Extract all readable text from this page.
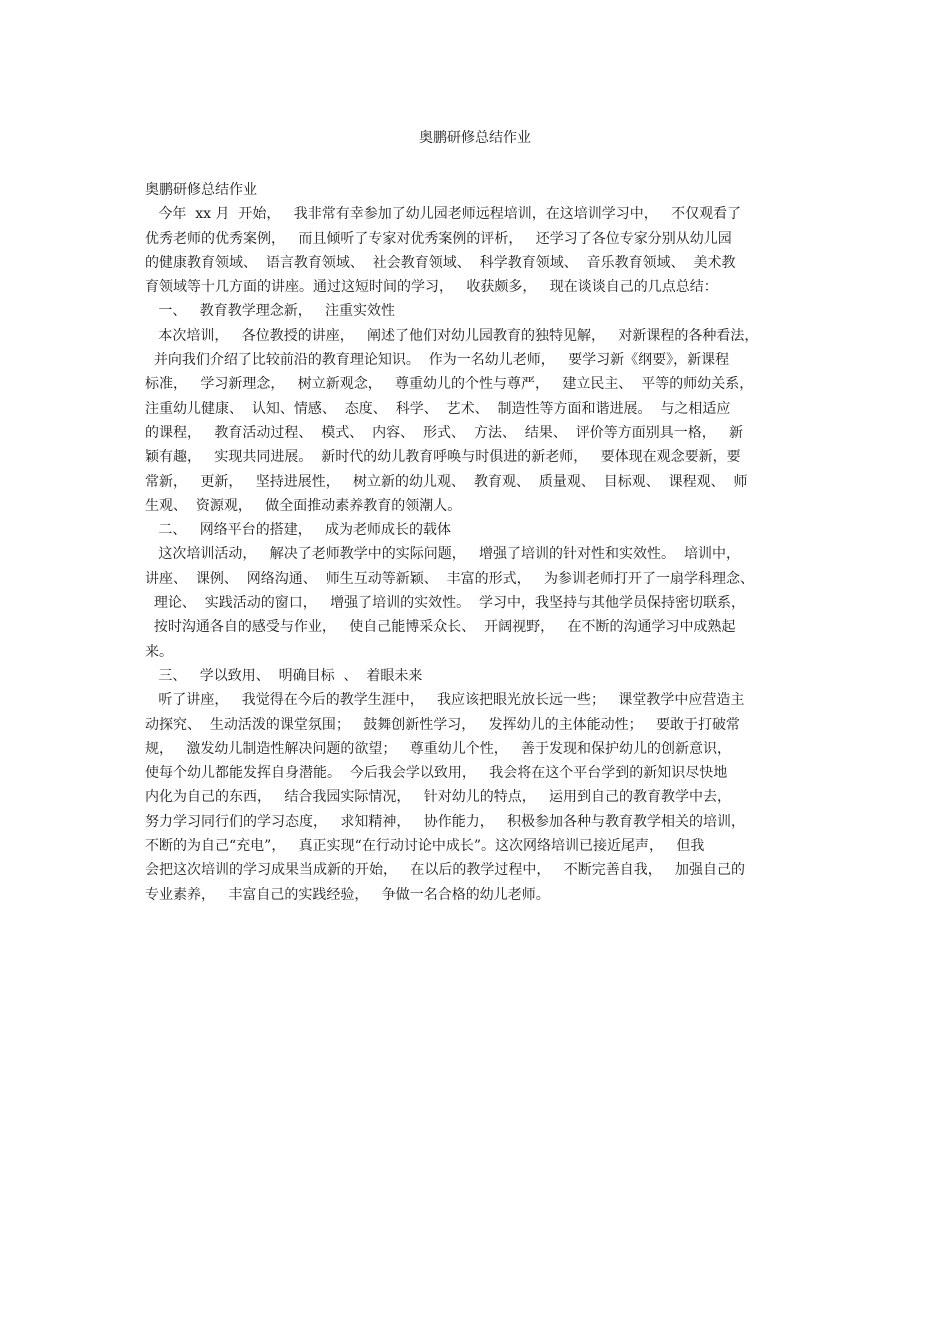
奥鹏研修总结作业
奥鹏研修总结作业
今年  xx 月  开始，   我非常有幸参加了幼儿园老师远程培训，在这培训学习中，   不仅观看了
优秀老师的优秀案例，   而且倾听了专家对优秀案例的评析，   还学习了各位专家分别从幼儿园
的健康教育领域、  语言教育领域、  社会教育领域、  科学教育领域、  音乐教育领域、  美术教
育领域等十几方面的讲座。通过这短时间的学习，   收获颇多，   现在谈谈自己的几点总结：
一、   教育教学理念新，   注重实效性
本次培训，   各位教授的讲座，   阐述了他们对幼儿园教育的独特见解，   对新课程的各种看法，
并向我们介绍了比较前沿的教育理论知识。  作为一名幼儿老师，   要学习新《纲要》，新课程
标准，   学习新理念，   树立新观念，   尊重幼儿的个性与尊严，   建立民主、  平等的师幼关系，
注重幼儿健康、  认知、情感、  态度、  科学、  艺术、  制造性等方面和谐进展。  与之相适应
的课程，   教育活动过程、  模式、  内容、  形式、  方法、  结果、  评价等方面别具一格，   新
颖有趣，   实现共同进展。  新时代的幼儿教育呼唤与时俱进的新老师，   要体现在观念要新，要
常新，   更新，   坚持进展性，   树立新的幼儿观、  教育观、  质量观、  目标观、  课程观、  师
生观、  资源观，   做全面推动素养教育的领潮人。
二、   网络平台的搭建，   成为老师成长的载体
这次培训活动，   解决了老师教学中的实际问题，   增强了培训的针对性和实效性。  培训中，
讲座、  课例、  网络沟通、  师生互动等新颖、  丰富的形式，   为参训老师打开了一扇学科理念、
理论、  实践活动的窗口，   增强了培训的实效性。  学习中，我坚持与其他学员保持密切联系，
按时沟通各自的感受与作业，   使自己能博采众长、  开阔视野，   在不断的沟通学习中成熟起
来。
三、   学以致用、  明确目标  、  着眼未来
听了讲座，   我觉得在今后的教学生涯中，   我应该把眼光放长远一些；   课堂教学中应营造主
动探究、  生动活泼的课堂氛围；   鼓舞创新性学习，   发挥幼儿的主体能动性；   要敢于打破常
规，   激发幼儿制造性解决问题的欲望；   尊重幼儿个性，   善于发现和保护幼儿的创新意识，
使每个幼儿都能发挥自身潜能。  今后我会学以致用，   我会将在这个平台学到的新知识尽快地
内化为自己的东西，   结合我园实际情况，   针对幼儿的特点，   运用到自己的教育教学中去，
努力学习同行们的学习态度，   求知精神，   协作能力，   积极参加各种与教育教学相关的培训，
不断的为自己“充电”，   真正实现“在行动讨论中成长”。这次网络培训已接近尾声，   但我
会把这次培训的学习成果当成新的开始，   在以后的教学过程中，   不断完善自我，   加强自己的
专业素养，   丰富自己的实践经验，   争做一名合格的幼儿老师。
